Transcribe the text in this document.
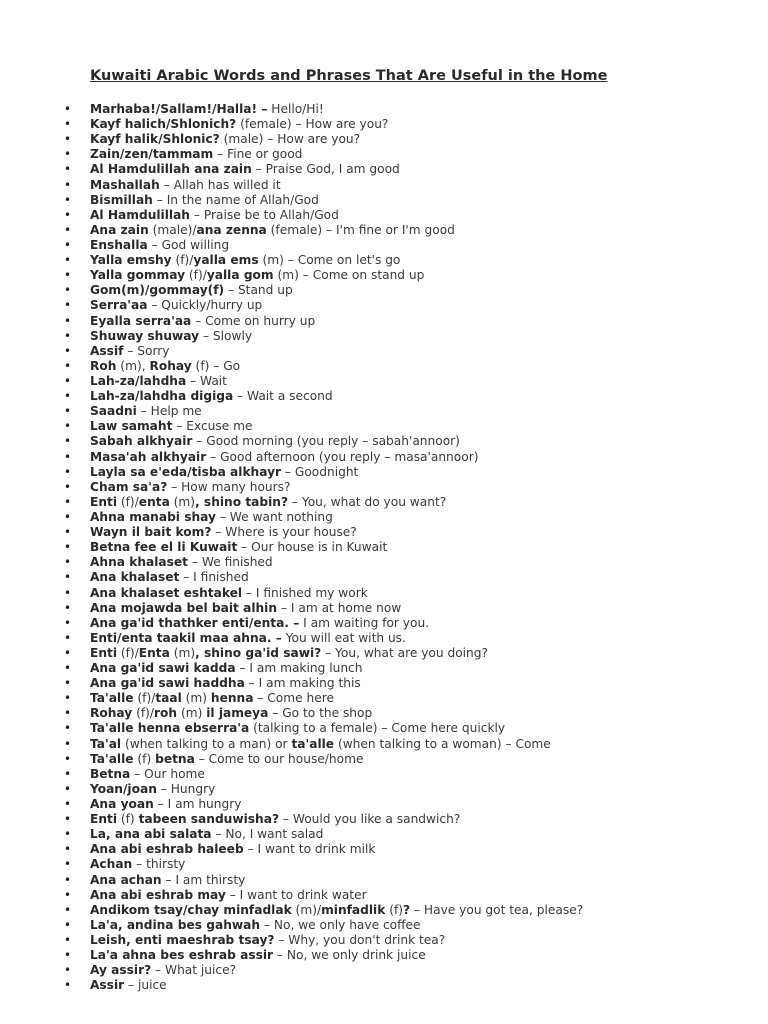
Kuwaiti Arabic Words and Phrases That Are Useful in the Home
• Marhaba!/Sallam!/Halla! – Hello/Hi!
• Kayf halich/Shlonich? (female) – How are you?
• Kayf halik/Shlonic? (male) – How are you?
• Zain/zen/tammam – Fine or good
• Al Hamdulillah ana zain – Praise God, I am good
• Mashallah – Allah has willed it
• Bismillah – In the name of Allah/God
• Al Hamdulillah – Praise be to Allah/God
• Ana zain (male)/ana zenna (female) – I'm fine or I'm good
• Enshalla – God willing
• Yalla emshy (f)/yalla ems (m) – Come on let's go
• Yalla gommay (f)/yalla gom (m) – Come on stand up
• Gom(m)/gommay(f) – Stand up
• Serra'aa – Quickly/hurry up
• Eyalla serra'aa – Come on hurry up
• Shuway shuway – Slowly
• Assif – Sorry
• Roh (m), Rohay (f) – Go
• Lah-za/lahdha – Wait
• Lah-za/lahdha digiga – Wait a second
• Saadni – Help me
• Law samaht – Excuse me
• Sabah alkhyair – Good morning (you reply – sabah'annoor)
• Masa'ah alkhyair – Good afternoon (you reply – masa'annoor)
• Layla sa e'eda/tisba alkhayr – Goodnight
• Cham sa'a? – How many hours?
• Enti (f)/enta (m), shino tabin? – You, what do you want?
• Ahna manabi shay – We want nothing
• Wayn il bait kom? – Where is your house?
• Betna fee el li Kuwait – Our house is in Kuwait
• Ahna khalaset – We finished
• Ana khalaset – I finished
• Ana khalaset eshtakel – I finished my work
• Ana mojawda bel bait alhin – I am at home now
• Ana ga'id thathker enti/enta. – I am waiting for you.
• Enti/enta taakil maa ahna. – You will eat with us.
• Enti (f)/Enta (m), shino ga'id sawi? – You, what are you doing?
• Ana ga'id sawi kadda – I am making lunch
• Ana ga'id sawi haddha – I am making this
• Ta'alle (f)/taal (m) henna – Come here
• Rohay (f)/roh (m) il jameya – Go to the shop
• Ta'alle henna ebserra'a (talking to a female) – Come here quickly
• Ta'al (when talking to a man) or ta'alle (when talking to a woman) – Come
• Ta'alle (f) betna – Come to our house/home
• Betna – Our home
• Yoan/joan – Hungry
• Ana yoan – I am hungry
• Enti (f) tabeen sanduwisha? – Would you like a sandwich?
• La, ana abi salata – No, I want salad
• Ana abi eshrab haleeb – I want to drink milk
• Achan – thirsty
• Ana achan – I am thirsty
• Ana abi eshrab may – I want to drink water
• Andikom tsay/chay minfadlak (m)/minfadlik (f)? – Have you got tea, please?
• La'a, andina bes gahwah – No, we only have coffee
• Leish, enti maeshrab tsay? – Why, you don't drink tea?
• La'a ahna bes eshrab assir – No, we only drink juice
• Ay assir? – What juice?
• Assir – juice
